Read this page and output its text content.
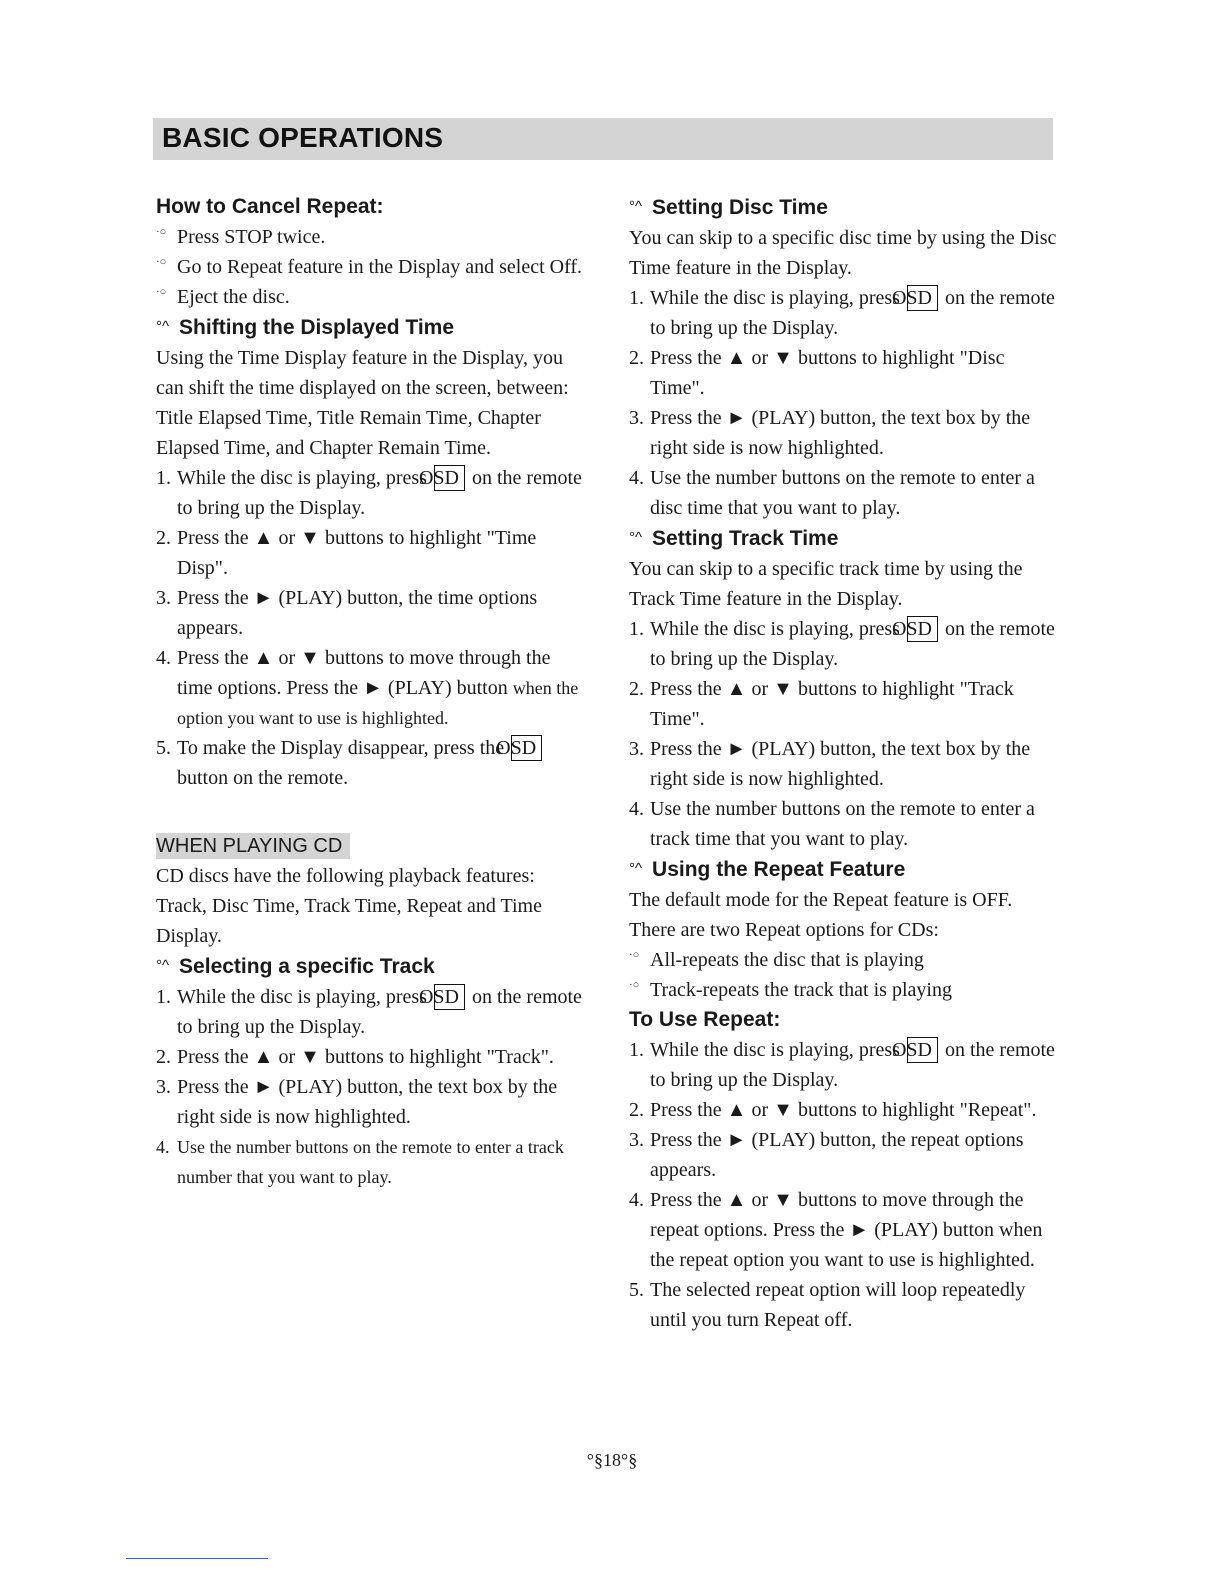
BASIC OPERATIONS
How to Cancel Repeat:
·○ Press STOP twice.
·○ Go to Repeat feature in the Display and select Off.
·○ Eject the disc.
°^ Shifting the Displayed Time
Using the Time Display feature in the Display, you can shift the time displayed on the screen, between: Title Elapsed Time, Title Remain Time, Chapter Elapsed Time, and Chapter Remain Time.
1. While the disc is playing, press OSD on the remote to bring up the Display.
2. Press the ▲ or ▼ buttons to highlight "Time Disp".
3. Press the ► (PLAY) button, the time options appears.
4. Press the ▲ or ▼ buttons to move through the time options. Press the ► (PLAY) button when the option you want to use is highlighted.
5. To make the Display disappear, press the OSD button on the remote.
WHEN PLAYING CD
CD discs have the following playback features: Track, Disc Time, Track Time, Repeat and Time Display.
°^ Selecting a specific Track
1. While the disc is playing, press OSD on the remote to bring up the Display.
2. Press the ▲ or ▼ buttons to highlight "Track".
3. Press the ► (PLAY) button, the text box by the right side is now highlighted.
4. Use the number buttons on the remote to enter a track number that you want to play.
°^ Setting Disc Time
You can skip to a specific disc time by using the Disc Time feature in the Display.
1. While the disc is playing, press OSD on the remote to bring up the Display.
2. Press the ▲ or ▼ buttons to highlight "Disc Time".
3. Press the ► (PLAY) button, the text box by the right side is now highlighted.
4. Use the number buttons on the remote to enter a disc time that you want to play.
°^ Setting Track Time
You can skip to a specific track time by using the Track Time feature in the Display.
1. While the disc is playing, press OSD on the remote to bring up the Display.
2. Press the ▲ or ▼ buttons to highlight "Track Time".
3. Press the ► (PLAY) button, the text box by the right side is now highlighted.
4. Use the number buttons on the remote to enter a track time that you want to play.
°^ Using the Repeat Feature
The default mode for the Repeat feature is OFF. There are two Repeat options for CDs:
·○ All-repeats the disc that is playing
·○ Track-repeats the track that is playing
To Use Repeat:
1. While the disc is playing, press OSD on the remote to bring up the Display.
2. Press the ▲ or ▼ buttons to highlight "Repeat".
3. Press the ► (PLAY) button, the repeat options appears.
4. Press the ▲ or ▼ buttons to move through the repeat options. Press the ► (PLAY) button when the repeat option you want to use is highlighted.
5. The selected repeat option will loop repeatedly until you turn Repeat off.
°§18°§
